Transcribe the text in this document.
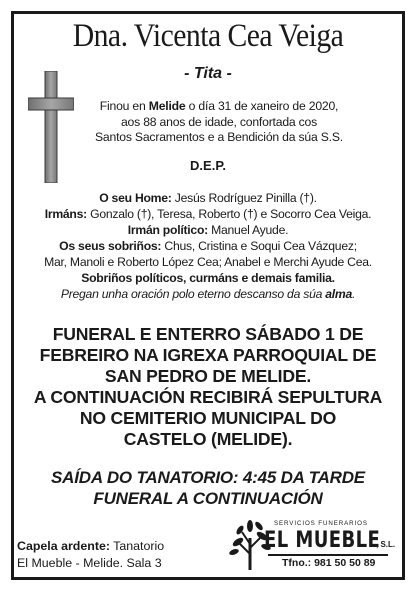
Dna. Vicenta Cea Veiga
- Tita -
Finou en Melide o día 31 de xaneiro de 2020,
aos 88 anos de idade, confortada cos
Santos Sacramentos e a Bendición da súa S.S.
D.E.P.
O seu Home: Jesús Rodríguez Pinilla (†).
Irmáns: Gonzalo (†), Teresa, Roberto (†) e Socorro Cea Veiga.
Irmán político: Manuel Ayude.
Os seus sobriños: Chus, Cristina e Soqui Cea Vázquez;
Mar, Manoli e Roberto López Cea; Anabel e Merchi Ayude Cea.
Sobriños políticos, curmáns e demais familia.
Pregan unha oración polo eterno descanso da súa alma.
FUNERAL E ENTERRO SÁBADO 1 DE
FEBREIRO NA IGREXA PARROQUIAL DE
SAN PEDRO DE MELIDE.
A CONTINUACIÓN RECIBIRÁ SEPULTURA
NO CEMITERIO MUNICIPAL DO
CASTELO (MELIDE).
SAÍDA DO TANATORIO: 4:45 DA TARDE
FUNERAL A CONTINUACIÓN
Capela ardente: Tanatorio
El Mueble - Melide. Sala 3
SERVICIOS FUNERARIOS
EL MUEBLE
, S.L.
Tfno.: 981 50 50 89
